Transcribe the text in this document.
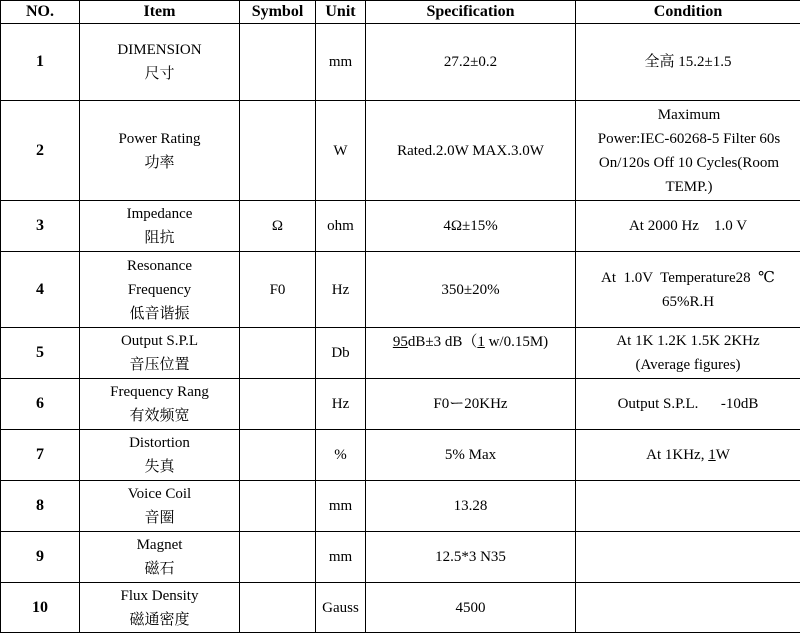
NO.	Item	Symbol	Unit	Specification	Condition
1	DIMENSION
尺寸		mm	27.2±0.2	全高 15.2±1.5

2	Power Rating
功率		W	Rated.2.0W MAX.3.0W	Maximum
Power:IEC-60268-5 Filter 60s
On/120s Off 10 Cycles(Room
TEMP.)

3	Impedance
阻抗	Ω	ohm	4Ω±15%	At 2000 Hz    1.0 V

4	Resonance
Frequency
低音谐振	F0	Hz	350±20%	At  1.0V  Temperature28  ℃
65%R.H

5	Output S.P.L
音压位置		Db	95dB±3 dB（1 w/0.15M)	At 1K 1.2K 1.5K 2KHz
(Average figures)

6	Frequency Rang
有效频宽		Hz	F0ー20KHz	Output S.P.L.      -10dB

7	Distortion
失真		%	5% Max	At 1KHz, 1W
8	Voice Coil
音圈		mm	13.28	
9	Magnet
磁石		mm	12.5*3 N35	
10	Flux Density
磁通密度		Gauss	4500	
